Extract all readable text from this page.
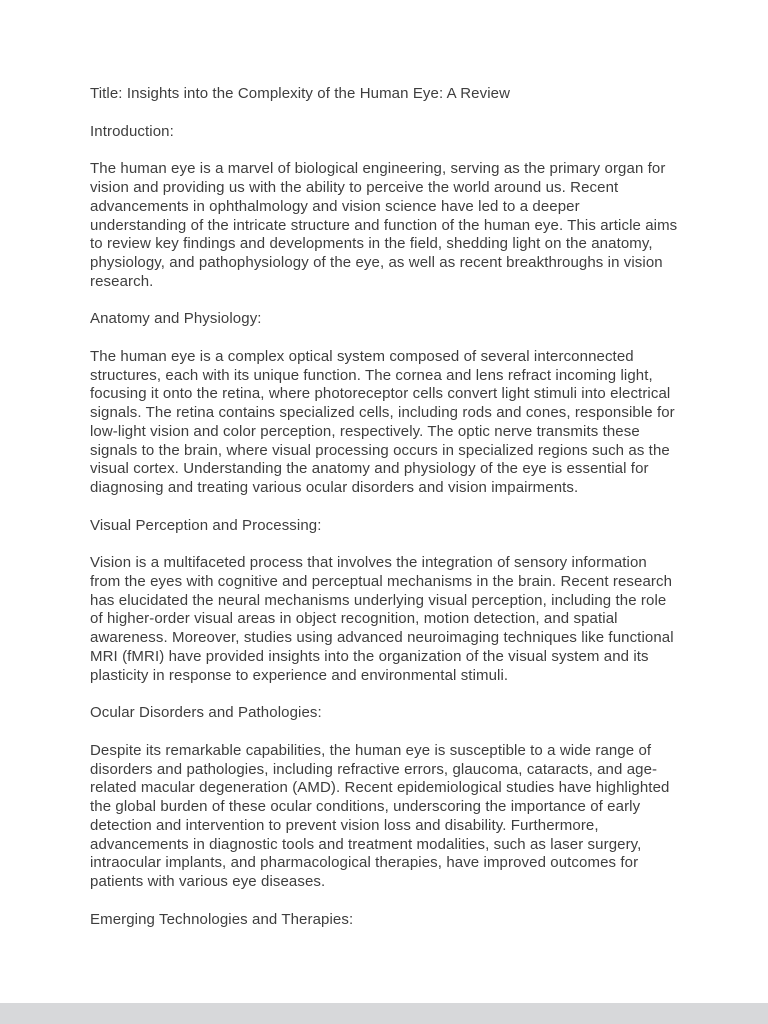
Title: Insights into the Complexity of the Human Eye: A Review

Introduction:

The human eye is a marvel of biological engineering, serving as the primary organ for vision and providing us with the ability to perceive the world around us. Recent advancements in ophthalmology and vision science have led to a deeper understanding of the intricate structure and function of the human eye. This article aims to review key findings and developments in the field, shedding light on the anatomy, physiology, and pathophysiology of the eye, as well as recent breakthroughs in vision research.

Anatomy and Physiology:

The human eye is a complex optical system composed of several interconnected structures, each with its unique function. The cornea and lens refract incoming light, focusing it onto the retina, where photoreceptor cells convert light stimuli into electrical signals. The retina contains specialized cells, including rods and cones, responsible for low-light vision and color perception, respectively. The optic nerve transmits these signals to the brain, where visual processing occurs in specialized regions such as the visual cortex. Understanding the anatomy and physiology of the eye is essential for diagnosing and treating various ocular disorders and vision impairments.

Visual Perception and Processing:

Vision is a multifaceted process that involves the integration of sensory information from the eyes with cognitive and perceptual mechanisms in the brain. Recent research has elucidated the neural mechanisms underlying visual perception, including the role of higher-order visual areas in object recognition, motion detection, and spatial awareness. Moreover, studies using advanced neuroimaging techniques like functional MRI (fMRI) have provided insights into the organization of the visual system and its plasticity in response to experience and environmental stimuli.

Ocular Disorders and Pathologies:

Despite its remarkable capabilities, the human eye is susceptible to a wide range of disorders and pathologies, including refractive errors, glaucoma, cataracts, and age-related macular degeneration (AMD). Recent epidemiological studies have highlighted the global burden of these ocular conditions, underscoring the importance of early detection and intervention to prevent vision loss and disability. Furthermore, advancements in diagnostic tools and treatment modalities, such as laser surgery, intraocular implants, and pharmacological therapies, have improved outcomes for patients with various eye diseases.

Emerging Technologies and Therapies:
